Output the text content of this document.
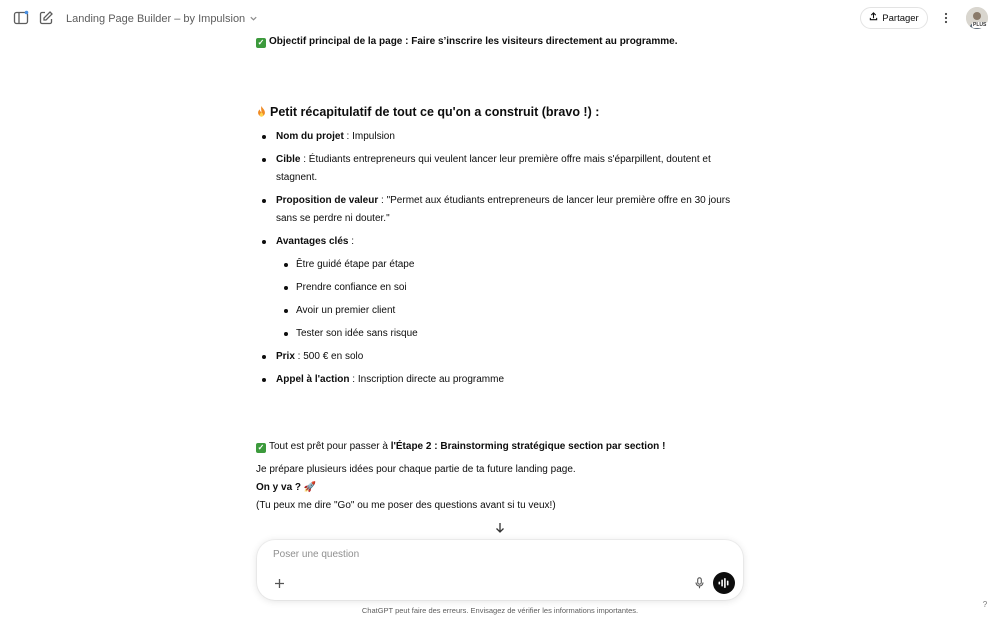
Landing Page Builder – by Impulsion	Partager
PLUS
✓ Objectif principal de la page : Faire s’inscrire les visiteurs directement au programme.
Petit récapitulatif de tout ce qu'on a construit (bravo !) :
Nom du projet : Impulsion
Cible : Étudiants entrepreneurs qui veulent lancer leur première offre mais s'éparpillent, doutent et stagnent.
Proposition de valeur : "Permet aux étudiants entrepreneurs de lancer leur première offre en 30 jours sans se perdre ni douter."
Avantages clés :
Être guidé étape par étape
Prendre confiance en soi
Avoir un premier client
Tester son idée sans risque
Prix : 500 € en solo
Appel à l'action : Inscription directe au programme
✓ Tout est prêt pour passer à l'Étape 2 : Brainstorming stratégique section par section !
Je prépare plusieurs idées pour chaque partie de ta future landing page.
On y va ? 🚀
(Tu peux me dire "Go" ou me poser des questions avant si tu veux!)
Poser une question
ChatGPT peut faire des erreurs. Envisagez de vérifier les informations importantes.
?
